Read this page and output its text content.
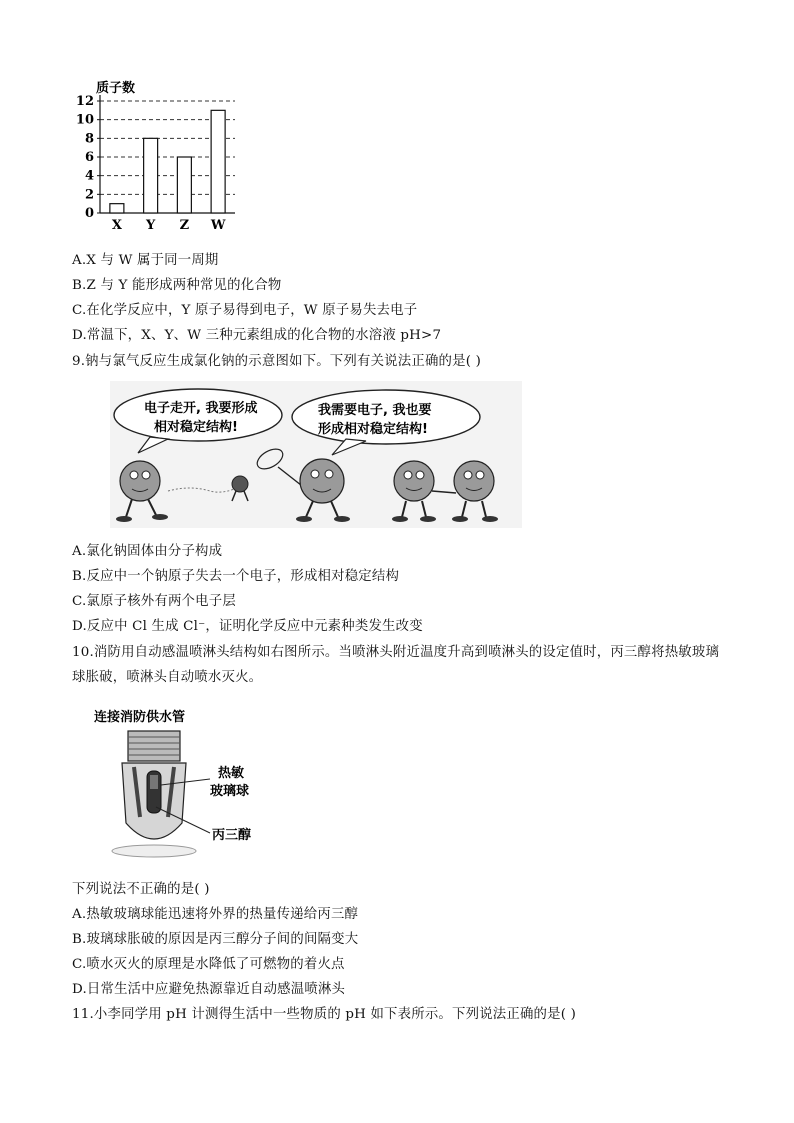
质子数
0
2
4
6
8
10
12
X Y Z W
A.X 与 W 属于同一周期
B.Z 与 Y 能形成两种常见的化合物
C.在化学反应中，Y 原子易得到电子，W 原子易失去电子
D.常温下，X、Y、W 三种元素组成的化合物的水溶液 pH>7
9.钠与氯气反应生成氯化钠的示意图如下。下列有关说法正确的是( )
电子走开, 我要形成
相对稳定结构!
我需要电子, 我也要
形成相对稳定结构!
A.氯化钠固体由分子构成
B.反应中一个钠原子失去一个电子，形成相对稳定结构
C.氯原子核外有两个电子层
D.反应中 Cl 生成 Cl⁻，证明化学反应中元素种类发生改变
10.消防用自动感温喷淋头结构如右图所示。当喷淋头附近温度升高到喷淋头的设定值时，丙三醇将热敏玻璃球胀破，喷淋头自动喷水灭火。
连接消防供水管
热敏
玻璃球
丙三醇
下列说法不正确的是( )
A.热敏玻璃球能迅速将外界的热量传递给丙三醇
B.玻璃球胀破的原因是丙三醇分子间的间隔变大
C.喷水灭火的原理是水降低了可燃物的着火点
D.日常生活中应避免热源靠近自动感温喷淋头
11.小李同学用 pH 计测得生活中一些物质的 pH 如下表所示。下列说法正确的是( )
